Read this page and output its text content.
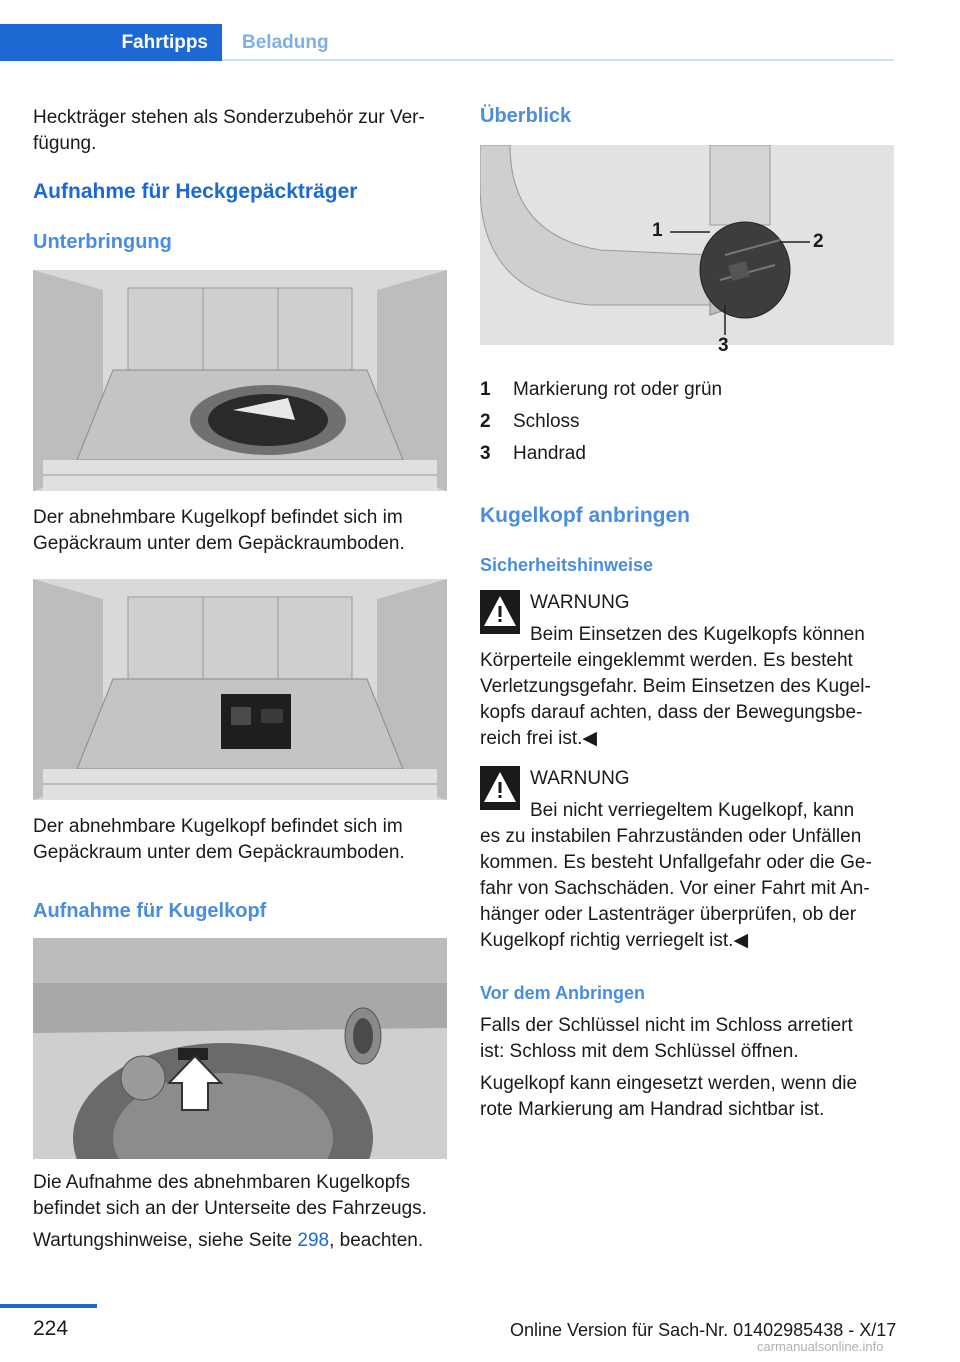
Fahrtipps	Beladung

Heckträger stehen als Sonderzubehör zur Ver-

fügung.

Aufnahme für Heckgepäckträger
Unterbringung

Der abnehmbare Kugelkopf befindet sich im

Gepäckraum unter dem Gepäckraumboden.

Der abnehmbare Kugelkopf befindet sich im

Gepäckraum unter dem Gepäckraumboden.

Aufnahme für Kugelkopf

Die Aufnahme des abnehmbaren Kugelkopfs

befindet sich an der Unterseite des Fahrzeugs.

Wartungshinweise, siehe Seite 298, beachten.

Überblick
1
2
3
1 Markierung rot oder grün
2 Schloss
3 Handrad
Kugelkopf anbringen
Sicherheitshinweise

WARNUNG

Beim Einsetzen des Kugelkopfs können

Körperteile eingeklemmt werden. Es besteht

Verletzungsgefahr. Beim Einsetzen des Kugel-

kopfs darauf achten, dass der Bewegungsbe-

reich frei ist.◀

WARNUNG

Bei nicht verriegeltem Kugelkopf, kann

es zu instabilen Fahrzuständen oder Unfällen

kommen. Es besteht Unfallgefahr oder die Ge-

fahr von Sachschäden. Vor einer Fahrt mit An-

hänger oder Lastenträger überprüfen, ob der

Kugelkopf richtig verriegelt ist.◀

Vor dem Anbringen

Falls der Schlüssel nicht im Schloss arretiert

ist: Schloss mit dem Schlüssel öffnen.

Kugelkopf kann eingesetzt werden, wenn die

rote Markierung am Handrad sichtbar ist.

224	Online Version für Sach-Nr. 01402985438 - X/17
carmanualsonline.info
